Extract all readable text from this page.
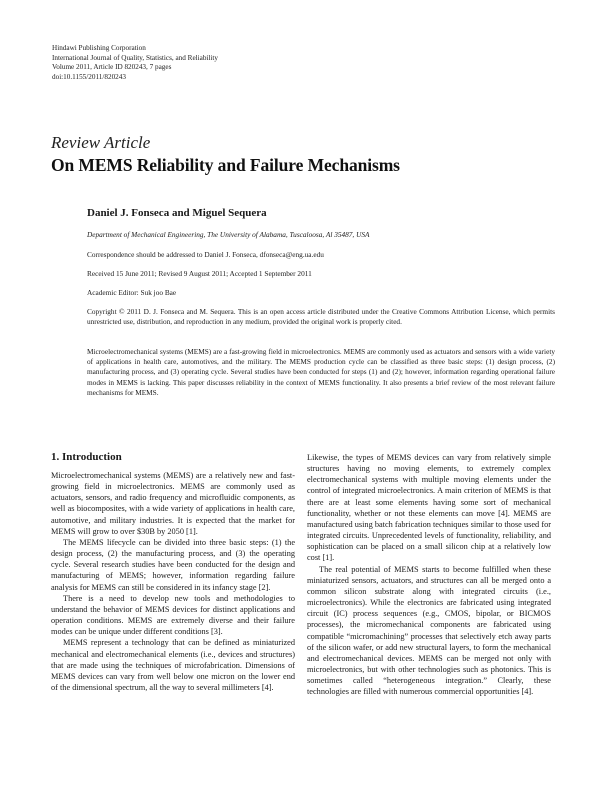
Hindawi Publishing Corporation
International Journal of Quality, Statistics, and Reliability
Volume 2011, Article ID 820243, 7 pages
doi:10.1155/2011/820243
Review Article
On MEMS Reliability and Failure Mechanisms
Daniel J. Fonseca and Miguel Sequera
Department of Mechanical Engineering, The University of Alabama, Tuscaloosa, Al 35487, USA
Correspondence should be addressed to Daniel J. Fonseca, dfonseca@eng.ua.edu
Received 15 June 2011; Revised 9 August 2011; Accepted 1 September 2011
Academic Editor: Suk joo Bae
Copyright © 2011 D. J. Fonseca and M. Sequera. This is an open access article distributed under the Creative Commons Attribution License, which permits unrestricted use, distribution, and reproduction in any medium, provided the original work is properly cited.
Microelectromechanical systems (MEMS) are a fast-growing field in microelectronics. MEMS are commonly used as actuators and sensors with a wide variety of applications in health care, automotives, and the military. The MEMS production cycle can be classified as three basic steps: (1) design process, (2) manufacturing process, and (3) operating cycle. Several studies have been conducted for steps (1) and (2); however, information regarding operational failure modes in MEMS is lacking. This paper discusses reliability in the context of MEMS functionality. It also presents a brief review of the most relevant failure mechanisms for MEMS.
1. Introduction

Microelectromechanical systems (MEMS) are a relatively new and fast-growing field in microelectronics. MEMS are commonly used as actuators, sensors, and radio frequency and microfluidic components, as well as biocomposites, with a wide variety of applications in health care, automotive, and military industries. It is expected that the market for MEMS will grow to over $30B by 2050 [1].

The MEMS lifecycle can be divided into three basic steps: (1) the design process, (2) the manufacturing process, and (3) the operating cycle. Several research studies have been conducted for the design and manufacturing of MEMS; however, information regarding failure analysis for MEMS can still be considered in its infancy stage [2].

There is a need to develop new tools and methodologies to understand the behavior of MEMS devices for distinct applications and operation conditions. MEMS are extremely diverse and their failure modes can be unique under different conditions [3].

MEMS represent a technology that can be defined as miniaturized mechanical and electromechanical elements (i.e., devices and structures) that are made using the techniques of microfabrication. Dimensions of MEMS devices can vary from well below one micron on the lower end of the dimensional spectrum, all the way to several millimeters [4].

Likewise, the types of MEMS devices can vary from relatively simple structures having no moving elements, to extremely complex electromechanical systems with multiple moving elements under the control of integrated microelectronics. A main criterion of MEMS is that there are at least some elements having some sort of mechanical functionality, whether or not these elements can move [4]. MEMS are manufactured using batch fabrication techniques similar to those used for integrated circuits. Unprecedented levels of functionality, reliability, and sophistication can be placed on a small silicon chip at a relatively low cost [1].

The real potential of MEMS starts to become fulfilled when these miniaturized sensors, actuators, and structures can all be merged onto a common silicon substrate along with integrated circuits (i.e., microelectronics). While the electronics are fabricated using integrated circuit (IC) process sequences (e.g., CMOS, bipolar, or BICMOS processes), the micromechanical components are fabricated using compatible “micromachining” processes that selectively etch away parts of the silicon wafer, or add new structural layers, to form the mechanical and electromechanical devices. MEMS can be merged not only with microelectronics, but with other technologies such as photonics. This is sometimes called “heterogeneous integration.” Clearly, these technologies are filled with numerous commercial opportunities [4].
